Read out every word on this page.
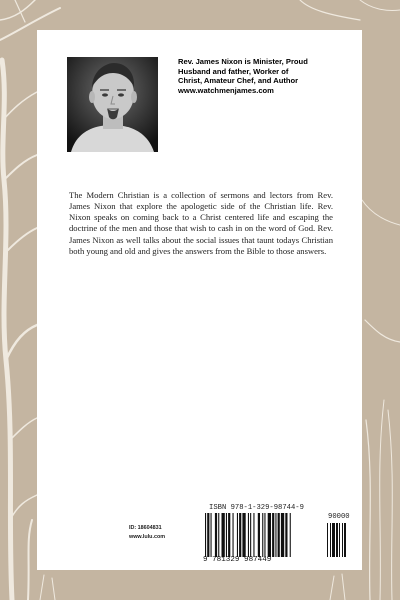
Rev. James Nixon is Minister, Proud
Husband and father, Worker of
Christ, Amateur Chef, and Author
www.watchmenjames.com

The Modern Christian is a collection of sermons and lectors from Rev. James Nixon that explore the apologetic side of the Christian life. Rev. Nixon speaks on coming back to a Christ centered life and escaping the doctrine of the men and those that wish to cash in on the word of God. Rev. James Nixon as well talks about the social issues that taunt todays Christian both young and old and gives the answers from the Bible to those answers.

ID: 18604831
www.lulu.com
ISBN 978-1-329-98744-9
90000
9 781329 987449
